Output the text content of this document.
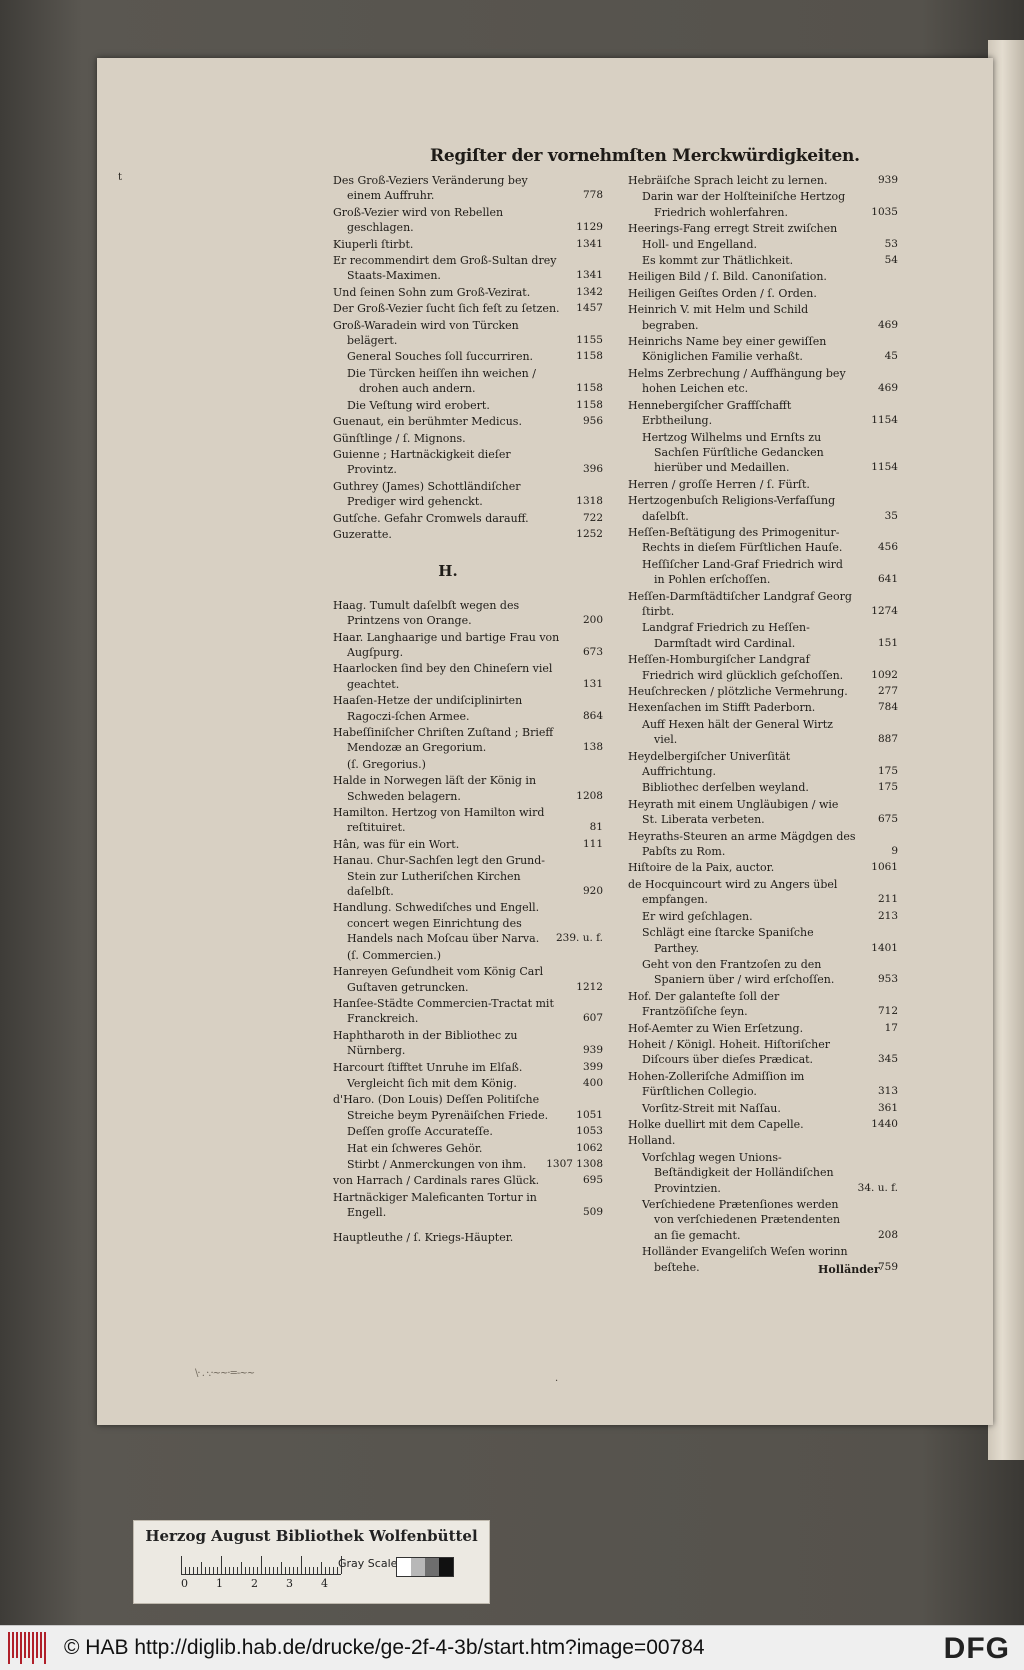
Regiſter der vornehmſten Merckwürdigkeiten.
t	Des Groß-Veziers Veränderung bey einem Auffruhr.	778
Groß-Vezier wird von Rebellen geschlagen.	1129
Kiuperli ſtirbt.	1341
Er recommendirt dem Groß-Sultan drey Staats-Maximen.	1341
Und ſeinen Sohn zum Groß-Vezirat.	1342
Der Groß-Vezier ſucht ſich feſt zu ſetzen. 1457
Groß-Waradein wird von Türcken belägert.	1155
General Souches ſoll ſuccurriren.	1158
Die Türcken heiſſen ihn weichen / drohen auch andern.	1158
Die Veſtung wird erobert.	1158
Guenaut, ein berühmter Medicus.	956
Günſtlinge / ſ. Mignons.
Guienne ; Hartnäckigkeit dieſer Provintz.	396
Guthrey (James) Schottländiſcher Prediger wird gehenckt.	1318
Gutſche. Gefahr Cromwels darauff.	722
Guzeratte.	1252
H.
Haag. Tumult daſelbſt wegen des Printzens von Orange.	200
Haar. Langhaarige und bartige Frau von Augſpurg.	673
Haarlocken ſind bey den Chineſern viel geachtet.	131
Haaſen-Hetze der undiſciplinirten Ragoczi-ſchen Armee.	864
Habeſſiniſcher Chriſten Zuſtand ; Brieff Mendozæ an Gregorium.	138
(ſ. Gregorius.)
Halde in Norwegen läſt der König in Schweden belagern.	1208
Hamilton. Hertzog von Hamilton wird reſtituiret.	81
Hân, was für ein Wort.	111
Hanau. Chur-Sachſen legt den Grund-Stein zur Lutheriſchen Kirchen daſelbſt.	920
Handlung. Schwediſches und Engell. concert wegen Einrichtung des Handels nach Moſcau über Narva. 239. u. f.
(ſ. Commercien.)
Hanreyen Geſundheit vom König Carl Guſtaven getruncken.	1212
Hanſee-Städte Commercien-Tractat mit Franckreich.	607
Haphtharoth in der Bibliothec zu Nürnberg.	939
Harcourt ſtifftet Unruhe im Elſaß.	399
Vergleicht ſich mit dem König.	400
d'Haro. (Don Louis) Deſſen Politiſche Streiche beym Pyrenäiſchen Friede.	1051
Deſſen groſſe Accurateſſe.	1053
Hat ein ſchweres Gehör.	1062
Stirbt / Anmerckungen von ihm. 1307 1308
von Harrach / Cardinals rares Glück.	695
Hartnäckiger Maleficanten Tortur in Engell.	509
Hauptleuthe / ſ. Kriegs-Häupter.
Hebräiſche Sprach leicht zu lernen.	939
Darin war der Holſteiniſche Hertzog Friedrich wohlerfahren.	1035
Heerings-Fang erregt Streit zwiſchen Holl- und Engelland.	53
Es kommt zur Thätlichkeit.	54
Heiligen Bild / ſ. Bild. Canoniſation.
Heiligen Geiſtes Orden / ſ. Orden.
Heinrich V. mit Helm und Schild begraben.	469
Heinrichs Name bey einer gewiſſen Königlichen Familie verhaßt.	45
Helms Zerbrechung / Auffhängung bey hohen Leichen etc.	469
Hennebergiſcher Graffſchafft Erbtheilung.	1154
Hertzog Wilhelms und Ernſts zu Sachſen Fürſtliche Gedancken hierüber und Medaillen.	1154
Herren / groſſe Herren / ſ. Fürſt.
Hertzogenbuſch Religions-Verfaſſung daſelbſt.	35
Heſſen-Beſtätigung des Primogenitur-Rechts in dieſem Fürſtlichen Hauſe.	456
Heſſiſcher Land-Graf Friedrich wird in Pohlen erſchoſſen.	641
Heſſen-Darmſtädtiſcher Landgraf Georg ſtirbt.	1274
Landgraf Friedrich zu Heſſen-Darmſtadt wird Cardinal.	151
Heſſen-Homburgiſcher Landgraf Friedrich wird glücklich geſchoſſen.	1092
Heuſchrecken / plötzliche Vermehrung.	277
Hexenſachen im Stifft Paderborn.	784
Auff Hexen hält der General Wirtz viel.	887
Heydelbergiſcher Univerſität Auffrichtung.	175
Bibliothec derſelben weyland.	175
Heyrath mit einem Ungläubigen / wie St. Liberata verbeten.	675
Heyraths-Steuren an arme Mägdgen des Pabſts zu Rom.	9
Hiſtoire de la Paix, auctor.	1061
de Hocquincourt wird zu Angers übel empfangen.	211
Er wird geſchlagen.	213
Schlägt eine ſtarcke Spaniſche Parthey.	1401
Geht von den Frantzoſen zu den Spaniern über / wird erſchoſſen.	953
Hof. Der galanteſte ſoll der Frantzöſiſche ſeyn.	712
Hof-Aemter zu Wien Erſetzung.	17
Hoheit / Königl. Hoheit. Hiſtoriſcher Diſcours über dieſes Prædicat.	345
Hohen-Zolleriſche Admiſſion im Fürſtlichen Collegio.	313
Vorſitz-Streit mit Naſſau.	361
Holke duellirt mit dem Capelle.	1440
Holland.
Vorſchlag wegen Unions-Beſtändigkeit der Holländiſchen Provintzien.	34. u. f.
Verſchiedene Prætenſiones werden von verſchiedenen Prætendenten an ſie gemacht.	208
Holländer Evangeliſch Weſen worinn beſtehe.	759
Holländer
\· . ·.·~~·=-~~
·
Herzog August Bibliothek Wolfenbüttel
0	1	2	3	4
Gray Scale
© HAB http://diglib.hab.de/drucke/ge-2f-4-3b/start.htm?image=00784	DFG
